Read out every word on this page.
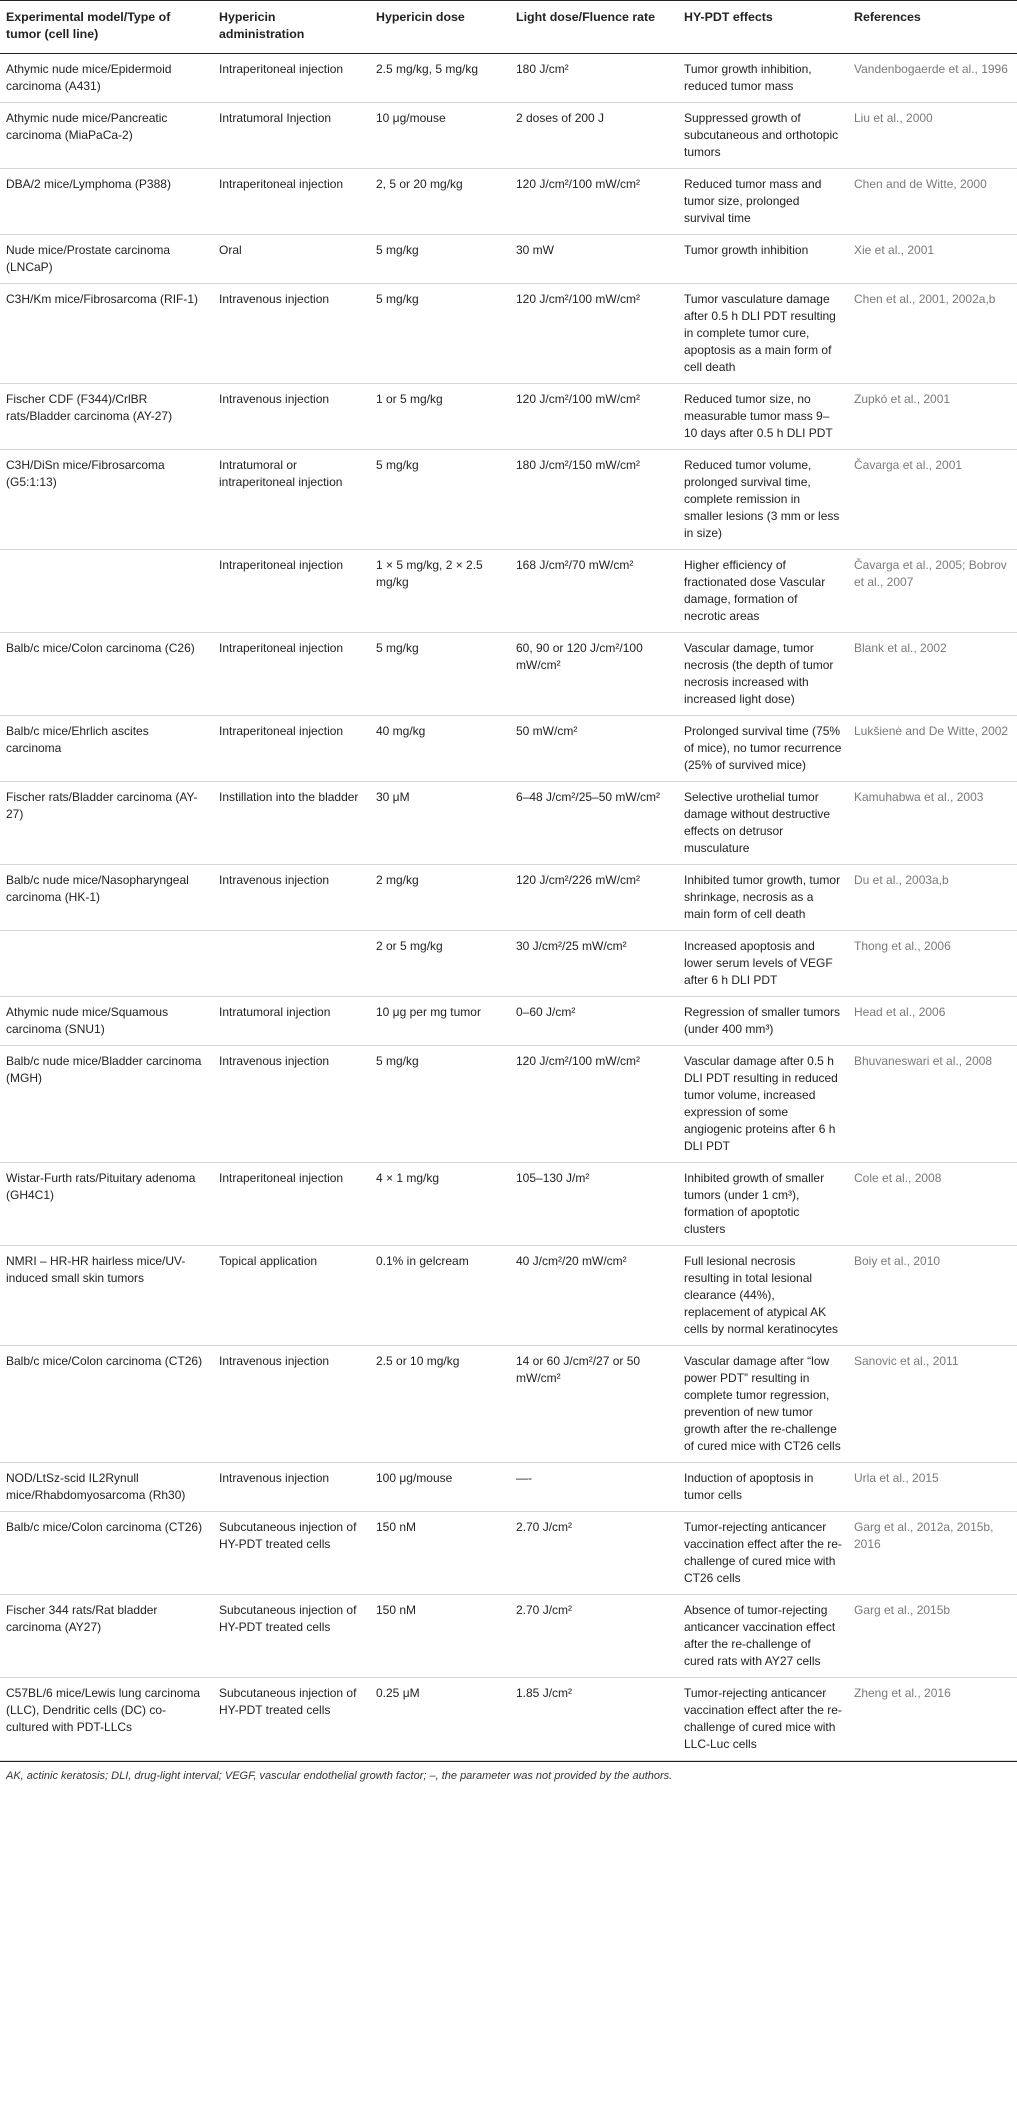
Experimental model/Type of tumor (cell line)	Hypericin administration	Hypericin dose	Light dose/Fluence rate	HY-PDT effects	References
Athymic nude mice/Epidermoid carcinoma (A431)	Intraperitoneal injection	2.5 mg/kg, 5 mg/kg	180 J/cm²	Tumor growth inhibition, reduced tumor mass	Vandenbogaerde et al., 1996
Athymic nude mice/Pancreatic carcinoma (MiaPaCa-2)	Intratumoral Injection	10 μg/mouse	2 doses of 200 J	Suppressed growth of subcutaneous and orthotopic tumors	Liu et al., 2000
DBA/2 mice/Lymphoma (P388)	Intraperitoneal injection	2, 5 or 20 mg/kg	120 J/cm²/100 mW/cm²	Reduced tumor mass and tumor size, prolonged survival time	Chen and de Witte, 2000
Nude mice/Prostate carcinoma (LNCaP)	Oral	5 mg/kg	30 mW	Tumor growth inhibition	Xie et al., 2001
C3H/Km mice/Fibrosarcoma (RIF-1)	Intravenous injection	5 mg/kg	120 J/cm²/100 mW/cm²	Tumor vasculature damage after 0.5 h DLI PDT resulting in complete tumor cure, apoptosis as a main form of cell death	Chen et al., 2001, 2002a,b
Fischer CDF (F344)/CrlBR rats/Bladder carcinoma (AY-27)	Intravenous injection	1 or 5 mg/kg	120 J/cm²/100 mW/cm²	Reduced tumor size, no measurable tumor mass 9–10 days after 0.5 h DLI PDT	Zupkó et al., 2001
C3H/DiSn mice/Fibrosarcoma (G5:1:13)	Intratumoral or intraperitoneal injection	5 mg/kg	180 J/cm²/150 mW/cm²	Reduced tumor volume, prolonged survival time, complete remission in smaller lesions (3 mm or less in size)	Čavarga et al., 2001
	Intraperitoneal injection	1 × 5 mg/kg, 2 × 2.5 mg/kg	168 J/cm²/70 mW/cm²	Higher efficiency of fractionated dose Vascular damage, formation of necrotic areas	Čavarga et al., 2005; Bobrov et al., 2007
Balb/c mice/Colon carcinoma (C26)	Intraperitoneal injection	5 mg/kg	60, 90 or 120 J/cm²/100 mW/cm²	Vascular damage, tumor necrosis (the depth of tumor necrosis increased with increased light dose)	Blank et al., 2002
Balb/c mice/Ehrlich ascites carcinoma	Intraperitoneal injection	40 mg/kg	50 mW/cm²	Prolonged survival time (75% of mice), no tumor recurrence (25% of survived mice)	Lukšienė and De Witte, 2002
Fischer rats/Bladder carcinoma (AY-27)	Instillation into the bladder	30 μM	6–48 J/cm²/25–50 mW/cm²	Selective urothelial tumor damage without destructive effects on detrusor musculature	Kamuhabwa et al., 2003
Balb/c nude mice/Nasopharyngeal carcinoma (HK-1)	Intravenous injection	2 mg/kg	120 J/cm²/226 mW/cm²	Inhibited tumor growth, tumor shrinkage, necrosis as a main form of cell death	Du et al., 2003a,b
		2 or 5 mg/kg	30 J/cm²/25 mW/cm²	Increased apoptosis and lower serum levels of VEGF after 6 h DLI PDT	Thong et al., 2006
Athymic nude mice/Squamous carcinoma (SNU1)	Intratumoral injection	10 μg per mg tumor	0–60 J/cm²	Regression of smaller tumors (under 400 mm³)	Head et al., 2006
Balb/c nude mice/Bladder carcinoma (MGH)	Intravenous injection	5 mg/kg	120 J/cm²/100 mW/cm²	Vascular damage after 0.5 h DLI PDT resulting in reduced tumor volume, increased expression of some angiogenic proteins after 6 h DLI PDT	Bhuvaneswari et al., 2008
Wistar-Furth rats/Pituitary adenoma (GH4C1)	Intraperitoneal injection	4 × 1 mg/kg	105–130 J/m²	Inhibited growth of smaller tumors (under 1 cm³), formation of apoptotic clusters	Cole et al., 2008
NMRI – HR-HR hairless mice/UV-induced small skin tumors	Topical application	0.1% in gelcream	40 J/cm²/20 mW/cm²	Full lesional necrosis resulting in total lesional clearance (44%), replacement of atypical AK cells by normal keratinocytes	Boiy et al., 2010
Balb/c mice/Colon carcinoma (CT26)	Intravenous injection	2.5 or 10 mg/kg	14 or 60 J/cm²/27 or 50 mW/cm²	Vascular damage after “low power PDT” resulting in complete tumor regression, prevention of new tumor growth after the re-challenge of cured mice with CT26 cells	Sanovic et al., 2011
NOD/LtSz-scid IL2Rynull mice/Rhabdomyosarcoma (Rh30)	Intravenous injection	100 μg/mouse	—-	Induction of apoptosis in tumor cells	Urla et al., 2015
Balb/c mice/Colon carcinoma (CT26)	Subcutaneous injection of HY-PDT treated cells	150 nM	2.70 J/cm²	Tumor-rejecting anticancer vaccination effect after the re-challenge of cured mice with CT26 cells	Garg et al., 2012a, 2015b, 2016
Fischer 344 rats/Rat bladder carcinoma (AY27)	Subcutaneous injection of HY-PDT treated cells	150 nM	2.70 J/cm²	Absence of tumor-rejecting anticancer vaccination effect after the re-challenge of cured rats with AY27 cells	Garg et al., 2015b
C57BL/6 mice/Lewis lung carcinoma (LLC), Dendritic cells (DC) co-cultured with PDT-LLCs	Subcutaneous injection of HY-PDT treated cells	0.25 μM	1.85 J/cm²	Tumor-rejecting anticancer vaccination effect after the re-challenge of cured mice with LLC-Luc cells	Zheng et al., 2016
AK, actinic keratosis; DLI, drug-light interval; VEGF, vascular endothelial growth factor; –, the parameter was not provided by the authors.
